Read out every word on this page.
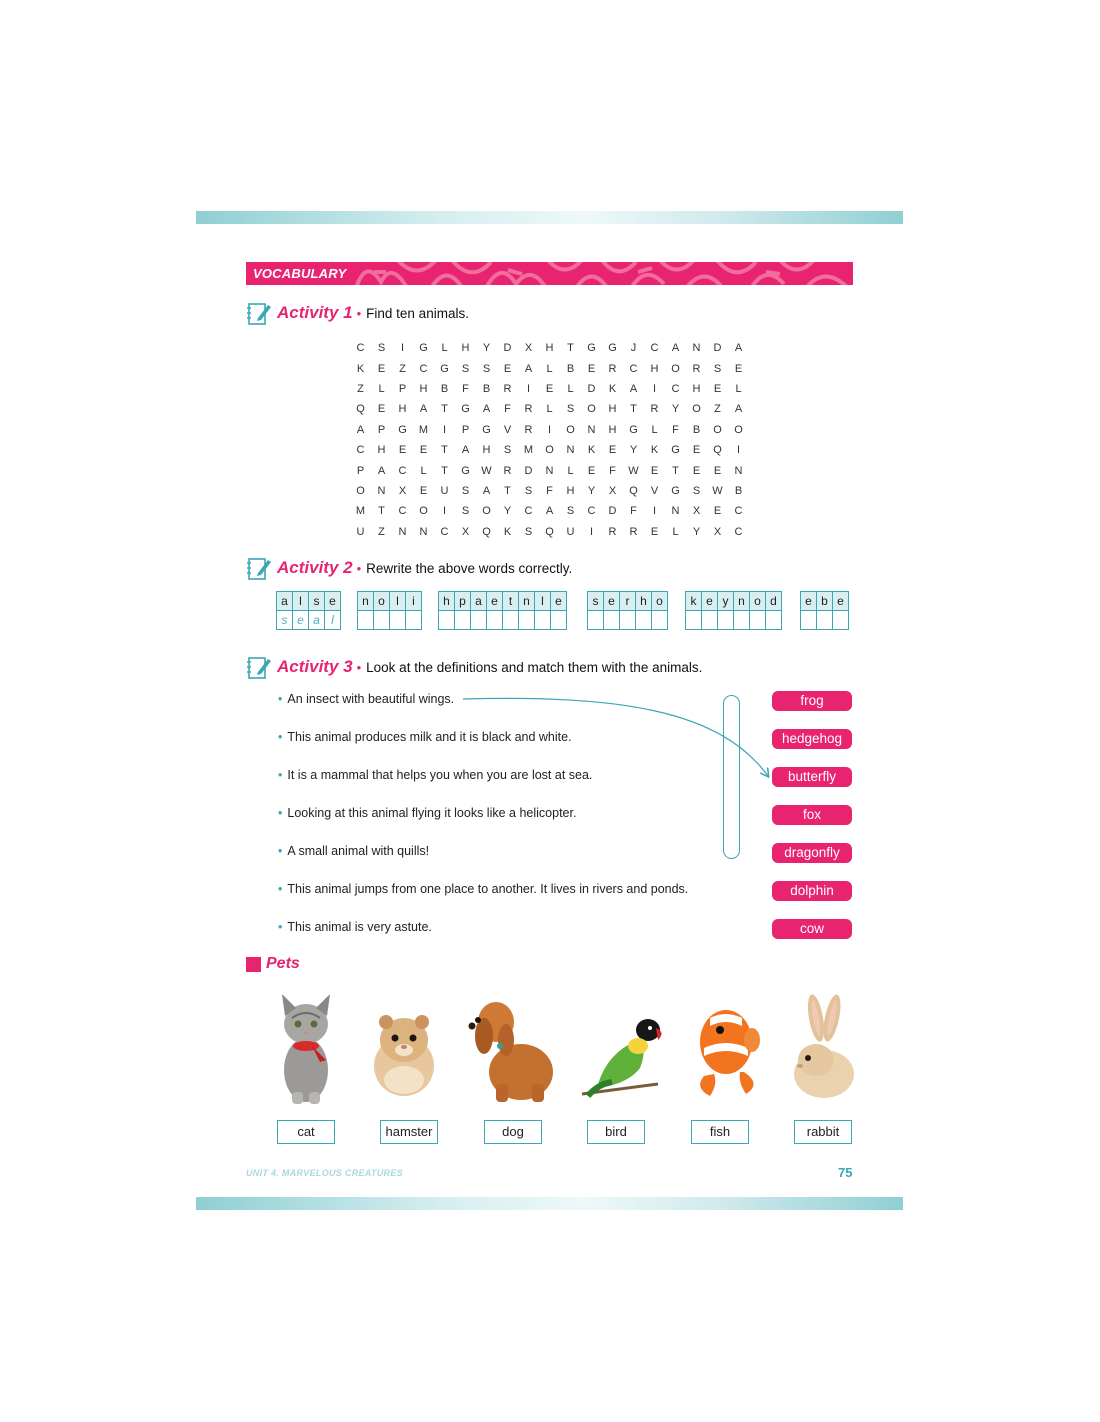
VOCABULARY
Activity 1 • Find ten animals.
C	S	I	G	L	H	Y	D	X	H	T	G	G	J	C	A	N	D	A
K	E	Z	C	G	S	S	E	A	L	B	E	R	C	H	O	R	S	E
Z	L	P	H	B	F	B	R	I	E	L	D	K	A	I	C	H	E	L
Q	E	H	A	T	G	A	F	R	L	S	O	H	T	R	Y	O	Z	A
A	P	G	M	I	P	G	V	R	I	O	N	H	G	L	F	B	O	O
C	H	E	E	T	A	H	S	M	O	N	K	E	Y	K	G	E	Q	I
P	A	C	L	T	G	W	R	D	N	L	E	F	W	E	T	E	E	N
O	N	X	E	U	S	A	T	S	F	H	Y	X	Q	V	G	S	W	B
M	T	C	O	I	S	O	Y	C	A	S	C	D	F	I	N	X	E	C
U	Z	N	N	C	X	Q	K	S	Q	U	I	R	R	E	L	Y	X	C
Activity 2 • Rewrite the above words correctly.
a l s e
s e a l
n o l	i	h p a e t n l e	s e r h o	k e y n o d	e b e
Activity 3 • Look at the definitions and match them with the animals.
• An insect with beautiful wings.
• This animal produces milk and it is black and white.
• It is a mammal that helps you when you are lost at sea.
• Looking at this animal flying it looks like a helicopter.
• A small animal with quills!
• This animal jumps from one place to another. It lives in rivers and ponds.
• This animal is very astute.
frog
hedgehog
butterfly
fox
dragonfly
dolphin
cow
Pets
cat	hamster	dog	bird	fish	rabbit
UNIT 4. MARVELOUS CREATURES	75
